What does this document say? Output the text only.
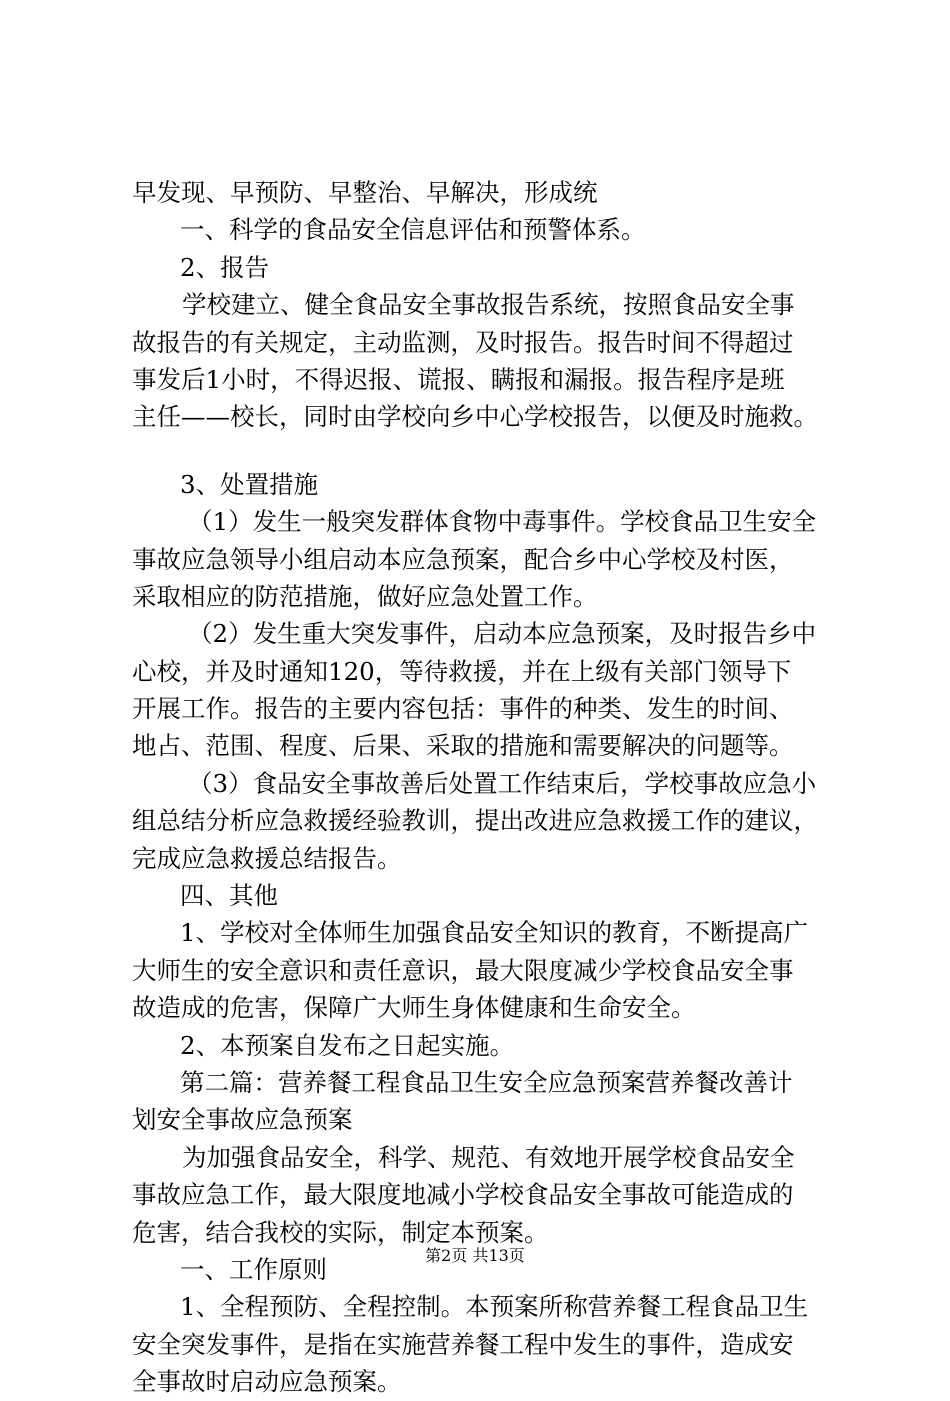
早发现、早预防、早整治、早解决，形成统
一、科学的食品安全信息评估和预警体系。
2、报告
学校建立、健全食品安全事故报告系统，按照食品安全事
故报告的有关规定，主动监测，及时报告。报告时间不得超过
事发后1小时，不得迟报、谎报、瞒报和漏报。报告程序是班
主任——校长，同时由学校向乡中心学校报告，以便及时施救。
3、处置措施
（1）发生一般突发群体食物中毒事件。学校食品卫生安全
事故应急领导小组启动本应急预案，配合乡中心学校及村医，
采取相应的防范措施，做好应急处置工作。
（2）发生重大突发事件，启动本应急预案，及时报告乡中
心校，并及时通知120，等待救援，并在上级有关部门领导下
开展工作。报告的主要内容包括：事件的种类、发生的时间、
地占、范围、程度、后果、采取的措施和需要解决的问题等。
（3）食品安全事故善后处置工作结束后，学校事故应急小
组总结分析应急救援经验教训，提出改进应急救援工作的建议，
完成应急救援总结报告。
四、其他
1、学校对全体师生加强食品安全知识的教育，不断提高广
大师生的安全意识和责任意识，最大限度减少学校食品安全事
故造成的危害，保障广大师生身体健康和生命安全。
2、本预案自发布之日起实施。
第二篇：营养餐工程食品卫生安全应急预案营养餐改善计
划安全事故应急预案
为加强食品安全，科学、规范、有效地开展学校食品安全
事故应急工作，最大限度地减小学校食品安全事故可能造成的
危害，结合我校的实际，制定本预案。
一、工作原则
1、全程预防、全程控制。本预案所称营养餐工程食品卫生
安全突发事件，是指在实施营养餐工程中发生的事件，造成安
全事故时启动应急预案。
第2页 共13页
